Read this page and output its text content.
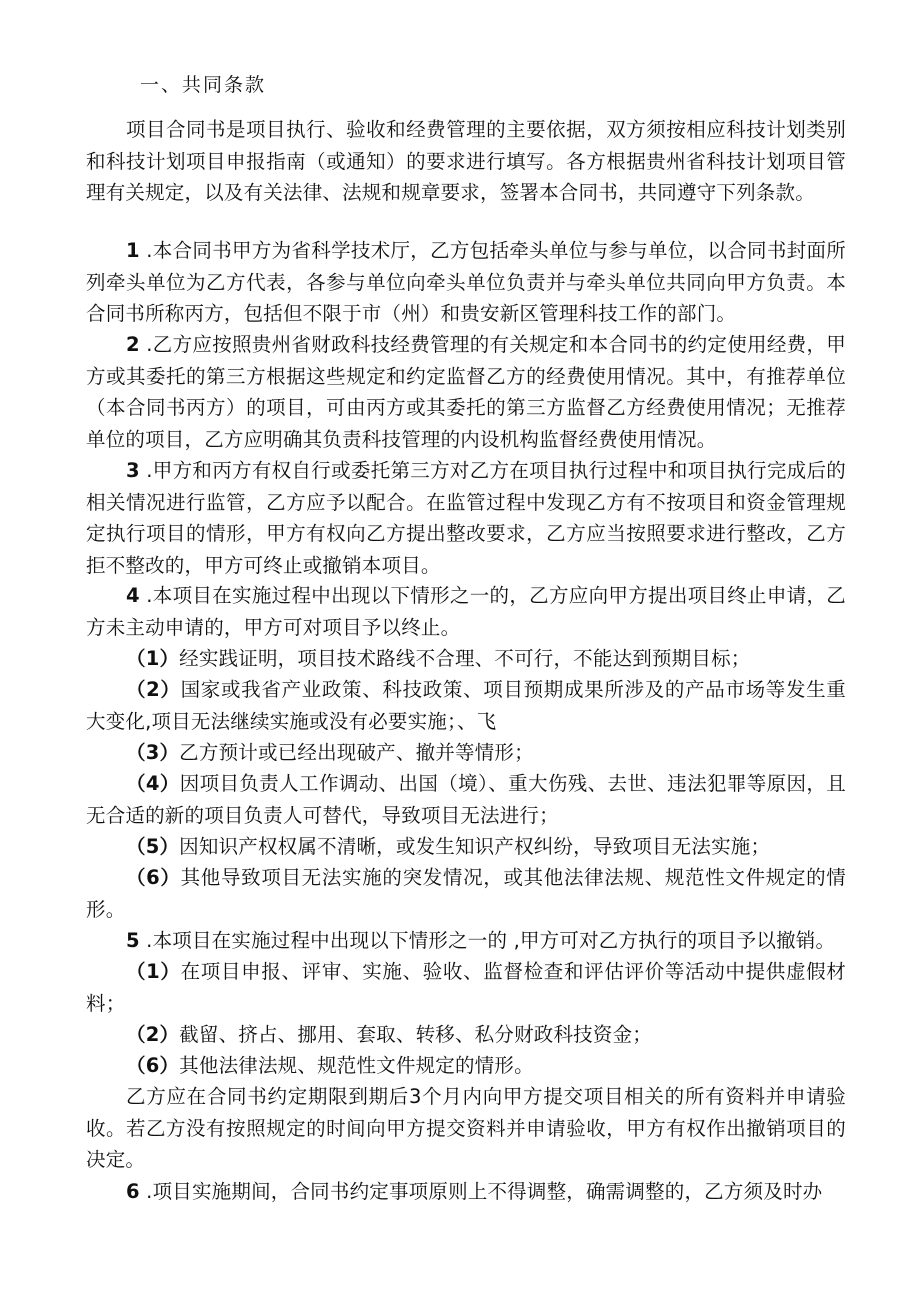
一、共同条款

项目合同书是项目执行、验收和经费管理的主要依据，双方须按相应科技计划类别和科技计划项目申报指南（或通知）的要求进行填写。各方根据贵州省科技计划项目管理有关规定，以及有关法律、法规和规章要求，签署本合同书，共同遵守下列条款。

1 .本合同书甲方为省科学技术厅，乙方包括牵头单位与参与单位，以合同书封面所列牵头单位为乙方代表，各参与单位向牵头单位负责并与牵头单位共同向甲方负责。本合同书所称丙方，包括但不限于市（州）和贵安新区管理科技工作的部门。

2 .乙方应按照贵州省财政科技经费管理的有关规定和本合同书的约定使用经费，甲方或其委托的第三方根据这些规定和约定监督乙方的经费使用情况。其中，有推荐单位（本合同书丙方）的项目，可由丙方或其委托的第三方监督乙方经费使用情况；无推荐单位的项目，乙方应明确其负责科技管理的内设机构监督经费使用情况。

3 .甲方和丙方有权自行或委托第三方对乙方在项目执行过程中和项目执行完成后的相关情况进行监管，乙方应予以配合。在监管过程中发现乙方有不按项目和资金管理规定执行项目的情形，甲方有权向乙方提出整改要求，乙方应当按照要求进行整改，乙方拒不整改的，甲方可终止或撤销本项目。

4 .本项目在实施过程中出现以下情形之一的，乙方应向甲方提出项目终止申请，乙方未主动申请的，甲方可对项目予以终止。

（1）经实践证明，项目技术路线不合理、不可行，不能达到预期目标；

（2）国家或我省产业政策、科技政策、项目预期成果所涉及的产品市场等发生重大变化,项目无法继续实施或没有必要实施；、飞

（3）乙方预计或已经出现破产、撤并等情形；

（4）因项目负责人工作调动、出国（境）、重大伤残、去世、违法犯罪等原因，且无合适的新的项目负责人可替代，导致项目无法进行；

（5）因知识产权权属不清晰，或发生知识产权纠纷，导致项目无法实施；

（6）其他导致项目无法实施的突发情况，或其他法律法规、规范性文件规定的情形。

5 .本项目在实施过程中出现以下情形之一的 ,甲方可对乙方执行的项目予以撤销。

（1）在项目申报、评审、实施、验收、监督检查和评估评价等活动中提供虚假材料；

（2）截留、挤占、挪用、套取、转移、私分财政科技资金；

（6）其他法律法规、规范性文件规定的情形。

乙方应在合同书约定期限到期后3个月内向甲方提交项目相关的所有资料并申请验收。若乙方没有按照规定的时间向甲方提交资料并申请验收，甲方有权作出撤销项目的决定。

6 .项目实施期间，合同书约定事项原则上不得调整，确需调整的，乙方须及时办
